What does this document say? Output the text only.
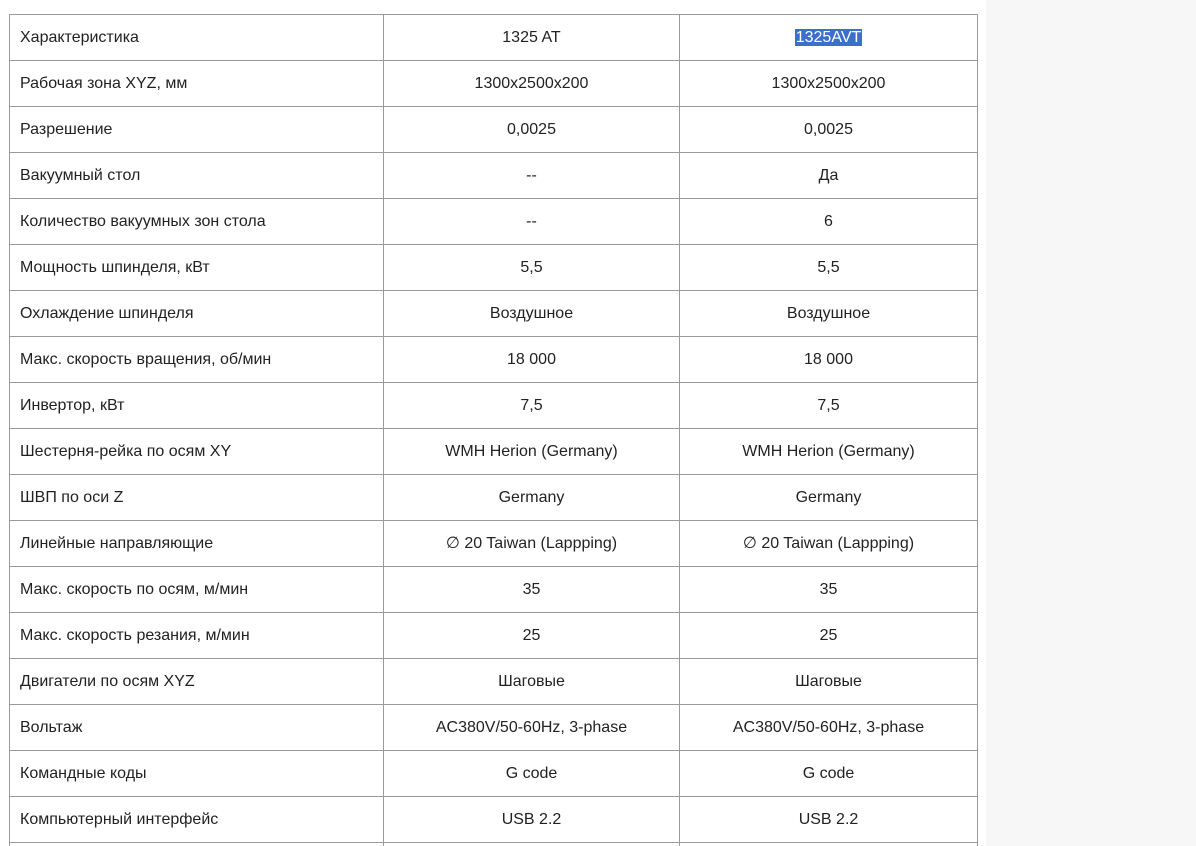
Характеристика	1325 AT	1325AVT
Рабочая зона XYZ, мм	1300х2500х200	1300х2500х200
Разрешение	0,0025	0,0025
Вакуумный стол	--	Да
Количество вакуумных зон стола	--	6
Мощность шпинделя, кВт	5,5	5,5
Охлаждение шпинделя	Воздушное	Воздушное
Макс. скорость вращения, об/мин	18 000	18 000
Инвертор, кВт	7,5	7,5
Шестерня-рейка по осям XY	WMH Herion (Germany)	WMH Herion (Germany)
ШВП по оси Z	Germany	Germany
Линейные направляющие	∅ 20 Taiwan (Lappping)	∅ 20 Taiwan (Lappping)
Макс. скорость по осям, м/мин	35	35
Макс. скорость резания, м/мин	25	25
Двигатели по осям XYZ	Шаговые	Шаговые
Вольтаж	AC380V/50-60Hz, 3-phase	AC380V/50-60Hz, 3-phase
Командные коды	G code	G code
Компьютерный интерфейс	USB 2.2	USB 2.2
